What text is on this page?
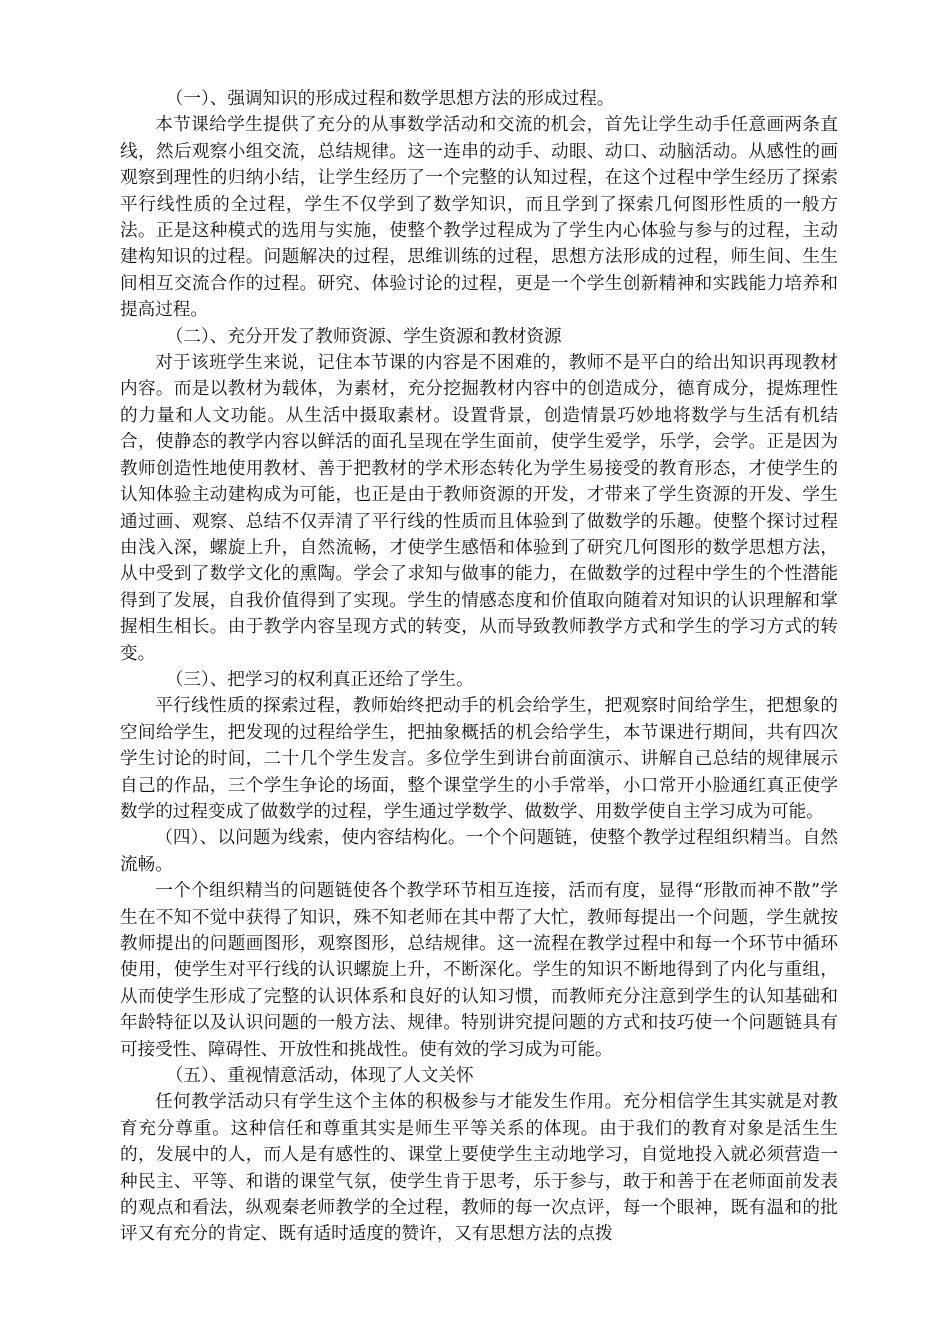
（一）、强调知识的形成过程和数学思想方法的形成过程。

本节课给学生提供了充分的从事数学活动和交流的机会，首先让学生动手任意画两条直线，然后观察小组交流，总结规律。这一连串的动手、动眼、动口、动脑活动。从感性的画观察到理性的归纳小结，让学生经历了一个完整的认知过程，在这个过程中学生经历了探索平行线性质的全过程，学生不仅学到了数学知识，而且学到了探索几何图形性质的一般方法。正是这种模式的选用与实施，使整个教学过程成为了学生内心体验与参与的过程，主动建构知识的过程。问题解决的过程，思维训练的过程，思想方法形成的过程，师生间、生生间相互交流合作的过程。研究、体验讨论的过程，更是一个学生创新精神和实践能力培养和提高过程。

（二）、充分开发了教师资源、学生资源和教材资源

对于该班学生来说，记住本节课的内容是不困难的，教师不是平白的给出知识再现教材内容。而是以教材为载体，为素材，充分挖掘教材内容中的创造成分，德育成分，提炼理性的力量和人文功能。从生活中摄取素材。设置背景，创造情景巧妙地将数学与生活有机结合，使静态的教学内容以鲜活的面孔呈现在学生面前，使学生爱学，乐学，会学。正是因为教师创造性地使用教材、善于把教材的学术形态转化为学生易接受的教育形态，才使学生的认知体验主动建构成为可能，也正是由于教师资源的开发，才带来了学生资源的开发、学生通过画、观察、总结不仅弄清了平行线的性质而且体验到了做数学的乐趣。使整个探讨过程由浅入深，螺旋上升，自然流畅，才使学生感悟和体验到了研究几何图形的数学思想方法，从中受到了数学文化的熏陶。学会了求知与做事的能力，在做数学的过程中学生的个性潜能得到了发展，自我价值得到了实现。学生的情感态度和价值取向随着对知识的认识理解和掌握相生相长。由于教学内容呈现方式的转变，从而导致教师教学方式和学生的学习方式的转变。

（三）、把学习的权利真正还给了学生。

平行线性质的探索过程，教师始终把动手的机会给学生，把观察时间给学生，把想象的空间给学生，把发现的过程给学生，把抽象概括的机会给学生，本节课进行期间，共有四次学生讨论的时间，二十几个学生发言。多位学生到讲台前面演示、讲解自己总结的规律展示自己的作品，三个学生争论的场面，整个课堂学生的小手常举，小口常开小脸通红真正使学数学的过程变成了做数学的过程，学生通过学数学、做数学、用数学使自主学习成为可能。

（四）、以问题为线索，使内容结构化。一个个问题链，使整个教学过程组织精当。自然流畅。

一个个组织精当的问题链使各个教学环节相互连接，活而有度，显得“形散而神不散”学生在不知不觉中获得了知识，殊不知老师在其中帮了大忙，教师每提出一个问题，学生就按教师提出的问题画图形，观察图形，总结规律。这一流程在教学过程中和每一个环节中循环使用，使学生对平行线的认识螺旋上升，不断深化。学生的知识不断地得到了内化与重组，从而使学生形成了完整的认识体系和良好的认知习惯，而教师充分注意到学生的认知基础和年龄特征以及认识问题的一般方法、规律。特别讲究提问题的方式和技巧使一个问题链具有可接受性、障碍性、开放性和挑战性。使有效的学习成为可能。

（五）、重视情意活动，体现了人文关怀

任何教学活动只有学生这个主体的积极参与才能发生作用。充分相信学生其实就是对教育充分尊重。这种信任和尊重其实是师生平等关系的体现。由于我们的教育对象是活生生的，发展中的人，而人是有感性的、课堂上要使学生主动地学习，自觉地投入就必须营造一种民主、平等、和谐的课堂气氛，使学生肯于思考，乐于参与，敢于和善于在老师面前发表的观点和看法，纵观秦老师教学的全过程，教师的每一次点评，每一个眼神，既有温和的批评又有充分的肯定、既有适时适度的赞许，又有思想方法的点拨
